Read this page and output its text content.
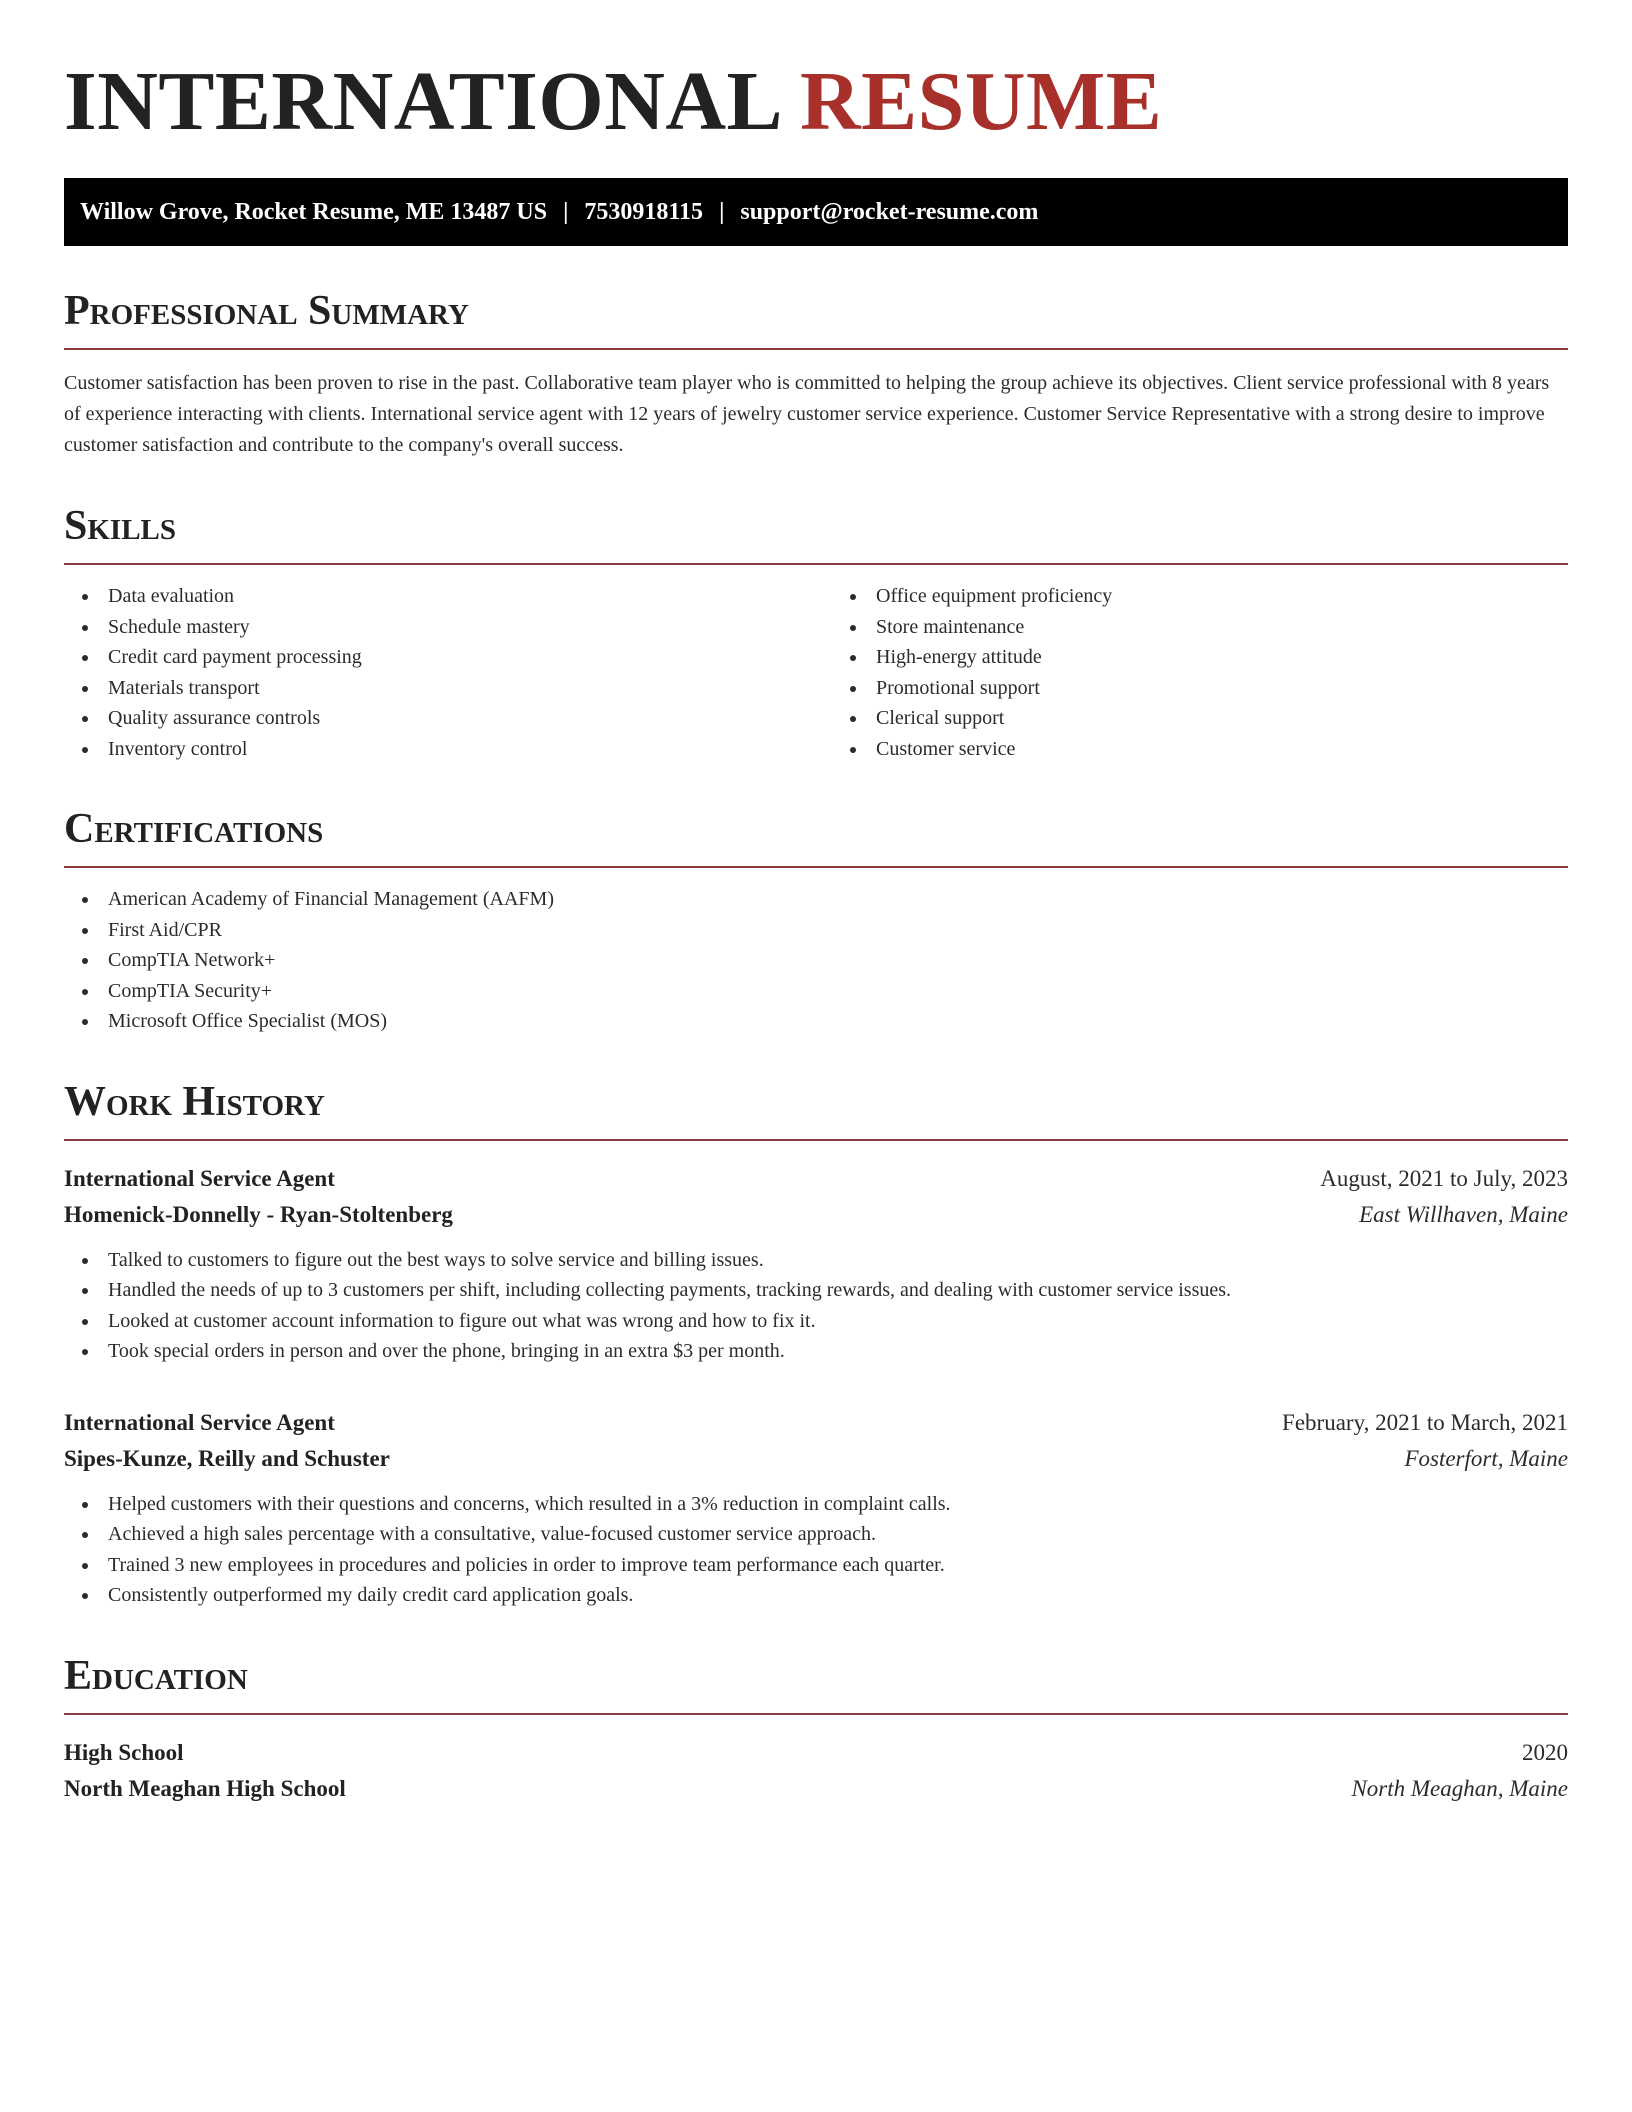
INTERNATIONAL RESUME
Willow Grove, Rocket Resume, ME 13487 US | 7530918115 | support@rocket-resume.com
Professional Summary

Customer satisfaction has been proven to rise in the past. Collaborative team player who is committed to helping the group achieve its objectives. Client service professional with 8 years of experience interacting with clients. International service agent with 12 years of jewelry customer service experience. Customer Service Representative with a strong desire to improve customer satisfaction and contribute to the company's overall success.

Skills
Data evaluation
Schedule mastery
Credit card payment processing
Materials transport
Quality assurance controls
Inventory control
Office equipment proficiency
Store maintenance
High-energy attitude
Promotional support
Clerical support
Customer service
Certifications
American Academy of Financial Management (AAFM)
First Aid/CPR
CompTIA Network+
CompTIA Security+
Microsoft Office Specialist (MOS)
Work History
International Service Agent	August, 2021 to July, 2023
Homenick-Donnelly - Ryan-Stoltenberg	East Willhaven, Maine
Talked to customers to figure out the best ways to solve service and billing issues.
Handled the needs of up to 3 customers per shift, including collecting payments, tracking rewards, and dealing with customer service issues.
Looked at customer account information to figure out what was wrong and how to fix it.
Took special orders in person and over the phone, bringing in an extra $3 per month.
International Service Agent	February, 2021 to March, 2021
Sipes-Kunze, Reilly and Schuster	Fosterfort, Maine
Helped customers with their questions and concerns, which resulted in a 3% reduction in complaint calls.
Achieved a high sales percentage with a consultative, value-focused customer service approach.
Trained 3 new employees in procedures and policies in order to improve team performance each quarter.
Consistently outperformed my daily credit card application goals.
Education
High School	2020
North Meaghan High School	North Meaghan, Maine
